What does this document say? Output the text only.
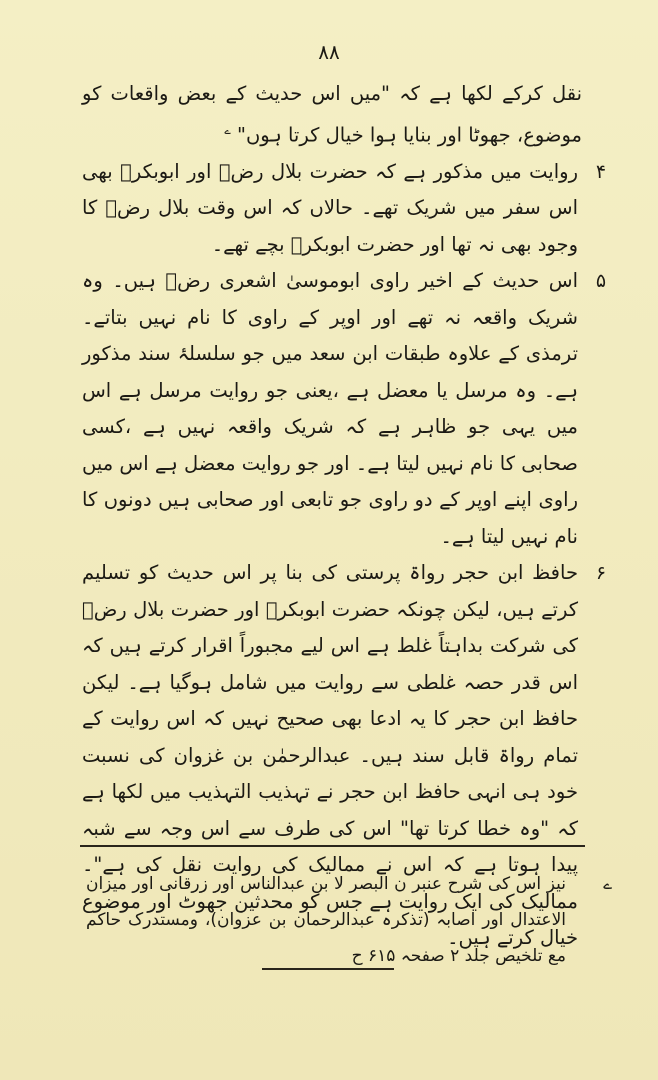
٨٨

نقل کرکے لکھا ہے کہ "میں اس حدیث کے بعض واقعات کو موضوع، جھوٹا اور بنایا ہوا خیال کرتا ہوں" $^ے$

۴
روایت میں مذکور ہے کہ حضرت بلال رضؓ اور ابوبکرؓ بھی اس سفر میں شریک تھے۔ حالاں کہ اس وقت بلال رضؓ کا وجود بھی نہ تھا اور حضرت ابوبکرؓ بچے تھے۔

۵
اس حدیث کے اخیر راوی ابوموسیٰ اشعری رضؓ ہیں۔ وہ شریک واقعہ نہ تھے اور اوپر کے راوی کا نام نہیں بتاتے۔ ترمذی کے علاوہ طبقات ابن سعد میں جو سلسلۂ سند مذکور ہے۔ وہ مرسل یا معضل ہے ،یعنی جو روایت مرسل ہے اس میں یہی جو ظاہر ہے کہ شریک واقعہ نہیں ہے ،کسی صحابی کا نام نہیں لیتا ہے۔ اور جو روایت معضل ہے اس میں راوی اپنے اوپر کے دو راوی جو تابعی اور صحابی ہیں دونوں کا نام نہیں لیتا ہے۔

۶
حافظ ابن حجر رواۃ پرستی کی بنا پر اس حدیث کو تسلیم کرتے ہیں، لیکن چونکہ حضرت ابوبکرؓ اور حضرت بلال رضؓ کی شرکت بداہتاً غلط ہے اس لیے مجبوراً اقرار کرتے ہیں کہ اس قدر حصہ غلطی سے روایت میں شامل ہوگیا ہے۔ لیکن حافظ ابن حجر کا یہ ادعا بھی صحیح نہیں کہ اس روایت کے تمام رواۃ قابل سند ہیں۔ عبدالرحمٰن بن غزوان کی نسبت خود ہی انہی حافظ ابن حجر نے تہذیب التہذیب میں لکھا ہے کہ "وہ خطا کرتا تھا" اس کی طرف سے اس وجہ سے شبہ پیدا ہوتا ہے کہ اس نے ممالیک کی روایت نقل کی ہے"۔ ممالیک کی ایک روایت ہے جس کو محدثین جھوٹ اور موضوع خیال کرتے ہیں۔

ے
نیز اس کی شرح عنبر ن البصر لا بن عبدالناس اور زرقانی اور میزان الاعتدال اور اصابہ (تذکرہ عبدالرحمان بن عزوان)، ومستدرک حاکم مع تلخیص جلد ۲ صفحہ ۶۱۵ ح
